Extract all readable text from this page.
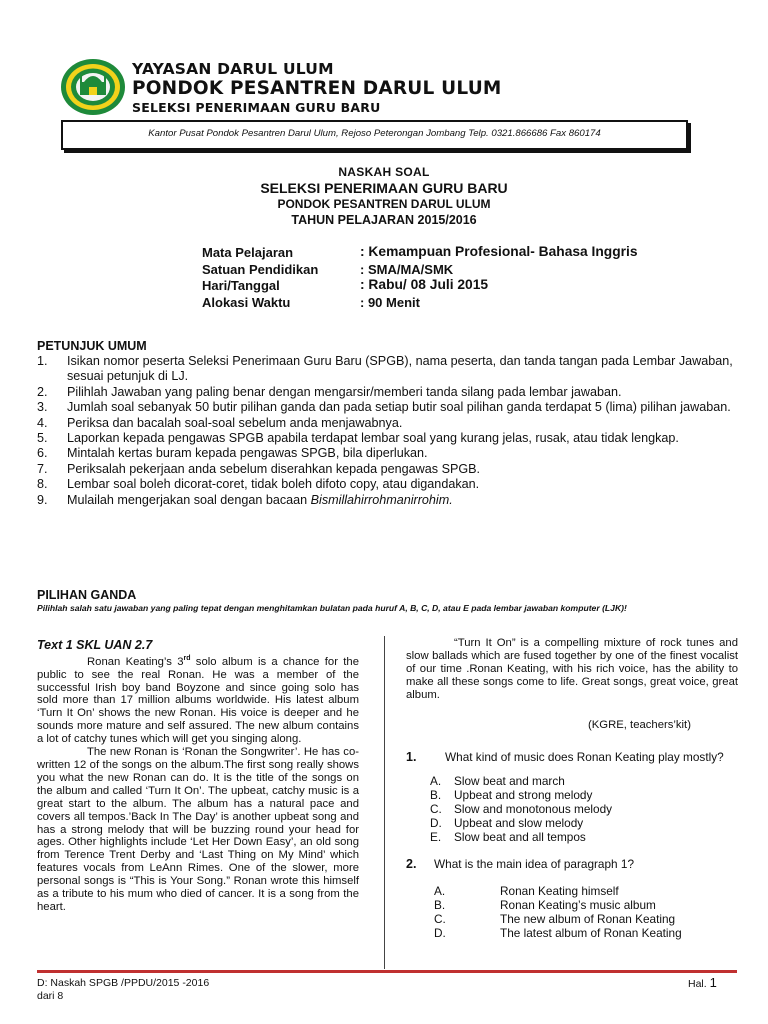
YAYASAN DARUL ULUM
PONDOK PESANTREN DARUL ULUM
SELEKSI PENERIMAAN GURU BARU
Kantor Pusat Pondok Pesantren Darul Ulum, Rejoso Peterongan Jombang Telp. 0321.866686 Fax 860174
NASKAH SOAL
SELEKSI PENERIMAAN GURU BARU
PONDOK PESANTREN DARUL ULUM
TAHUN PELAJARAN 2015/2016
Mata Pelajaran	: Kemampuan Profesional- Bahasa Inggris
Satuan Pendidikan	: SMA/MA/SMK
Hari/Tanggal	: Rabu/ 08 Juli 2015
Alokasi Waktu	: 90 Menit
PETUNJUK UMUM
1. Isikan nomor peserta Seleksi Penerimaan Guru Baru (SPGB), nama peserta, dan tanda tangan pada Lembar Jawaban, sesuai petunjuk di LJ.
2. Pilihlah Jawaban yang paling benar dengan mengarsir/memberi tanda silang pada lembar jawaban.
3. Jumlah soal sebanyak 50 butir pilihan ganda dan pada setiap butir soal pilihan ganda terdapat 5 (lima) pilihan jawaban.
4. Periksa dan bacalah soal-soal sebelum anda menjawabnya.
5. Laporkan kepada pengawas SPGB apabila terdapat lembar soal yang kurang jelas, rusak, atau tidak lengkap.
6. Mintalah kertas buram kepada pengawas SPGB, bila diperlukan.
7. Periksalah pekerjaan anda sebelum diserahkan kepada pengawas SPGB.
8. Lembar soal boleh dicorat-coret, tidak boleh difoto copy, atau digandakan.
9. Mulailah mengerjakan soal dengan bacaan Bismillahirrohmanirrohim.
PILIHAN GANDA
Pilihlah salah satu jawaban yang paling tepat dengan menghitamkan bulatan pada huruf A, B, C, D, atau E pada lembar jawaban komputer (LJK)!
Text 1 SKL UAN 2.7

Ronan Keating’s 3rd solo album is a chance for the public to see the real Ronan. He was a member of the successful Irish boy band Boyzone and since going solo has sold more than 17 million albums worldwide. His latest album ‘Turn It On’ shows the new Ronan. His voice is deeper and he sounds more mature and self assured. The new album contains a lot of catchy tunes which will get you singing along.

The new Ronan is ‘Ronan the Songwriter’. He has co-written 12 of the songs on the album.The first song really shows you what the new Ronan can do. It is the title of the songs on the album and called ‘Turn It On’. The upbeat, catchy music is a great start to the album. The album has a natural pace and covers all tempos.’Back In The Day’ is another upbeat song and has a strong melody that will be buzzing round your head for ages. Other highlights include ‘Let Her Down Easy’, an old song from Terence Trent Derby and ‘Last Thing on My Mind’ which features vocals from LeAnn Rimes. One of the slower, more personal songs is “This is Your Song.” Ronan wrote this himself as a tribute to his mum who died of cancer. It is a song from the heart.

“Turn It On” is a compelling mixture of rock tunes and slow ballads which are fused together by one of the finest vocalist of our time .Ronan Keating, with his rich voice, has the ability to make all these songs come to life. Great songs, great voice, great album.

(KGRE, teachers’kit)
1.	What kind of music does Ronan Keating play mostly?
A. Slow beat and march
B. Upbeat and strong melody
C. Slow and monotonous melody
D. Upbeat and slow melody
E. Slow beat and all tempos
2.	What is the main idea of paragraph 1?
A.	Ronan Keating himself
B.	Ronan Keating’s music album
C.	The new album of Ronan Keating
D.	The latest album of Ronan Keating
D: Naskah SPGB /PPDU/2015 -2016
dari 8
Hal. 1
